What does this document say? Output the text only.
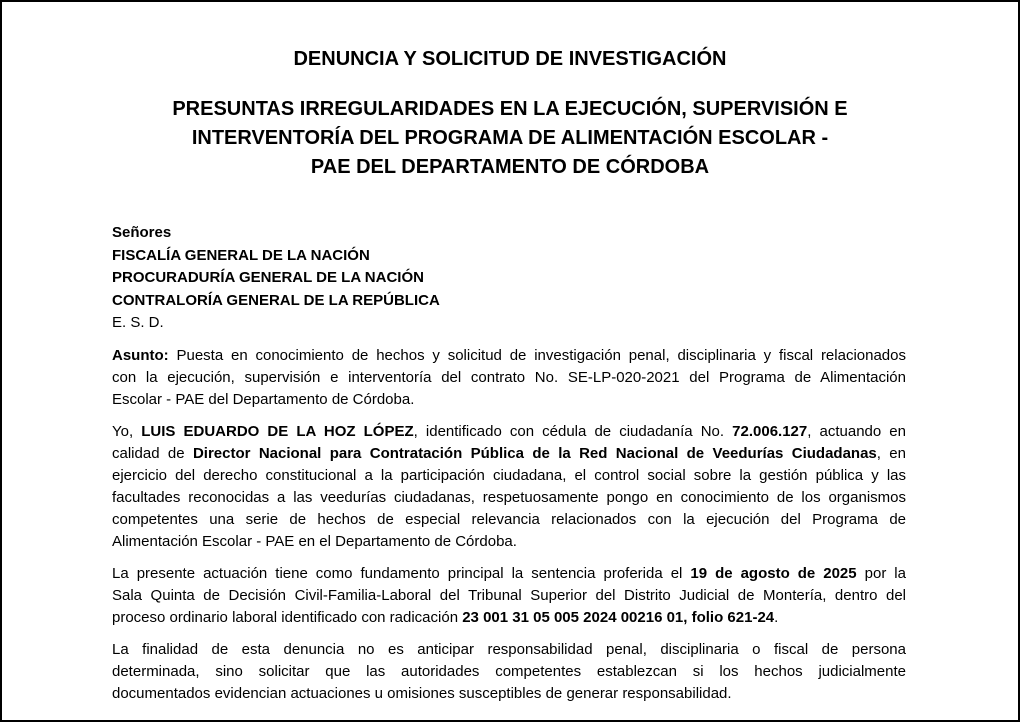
DENUNCIA Y SOLICITUD DE INVESTIGACIÓN
PRESUNTAS IRREGULARIDADES EN LA EJECUCIÓN, SUPERVISIÓN E
INTERVENTORÍA DEL PROGRAMA DE ALIMENTACIÓN ESCOLAR -
PAE DEL DEPARTAMENTO DE CÓRDOBA
Señores
FISCALÍA GENERAL DE LA NACIÓN
PROCURADURÍA GENERAL DE LA NACIÓN
CONTRALORÍA GENERAL DE LA REPÚBLICA
E. S. D.
Asunto: Puesta en conocimiento de hechos y solicitud de investigación penal, disciplinaria y fiscal relacionados
con la ejecución, supervisión e interventoría del contrato No. SE-LP-020-2021 del Programa de Alimentación
Escolar - PAE del Departamento de Córdoba.
Yo, LUIS EDUARDO DE LA HOZ LÓPEZ, identificado con cédula de ciudadanía No. 72.006.127, actuando en
calidad de Director Nacional para Contratación Pública de la Red Nacional de Veedurías Ciudadanas, en
ejercicio del derecho constitucional a la participación ciudadana, el control social sobre la gestión pública y las
facultades reconocidas a las veedurías ciudadanas, respetuosamente pongo en conocimiento de los organismos
competentes una serie de hechos de especial relevancia relacionados con la ejecución del Programa de
Alimentación Escolar - PAE en el Departamento de Córdoba.
La presente actuación tiene como fundamento principal la sentencia proferida el 19 de agosto de 2025 por la
Sala Quinta de Decisión Civil-Familia-Laboral del Tribunal Superior del Distrito Judicial de Montería, dentro del
proceso ordinario laboral identificado con radicación 23 001 31 05 005 2024 00216 01, folio 621-24.
La finalidad de esta denuncia no es anticipar responsabilidad penal, disciplinaria o fiscal de persona
determinada, sino solicitar que las autoridades competentes establezcan si los hechos judicialmente
documentados evidencian actuaciones u omisiones susceptibles de generar responsabilidad.
